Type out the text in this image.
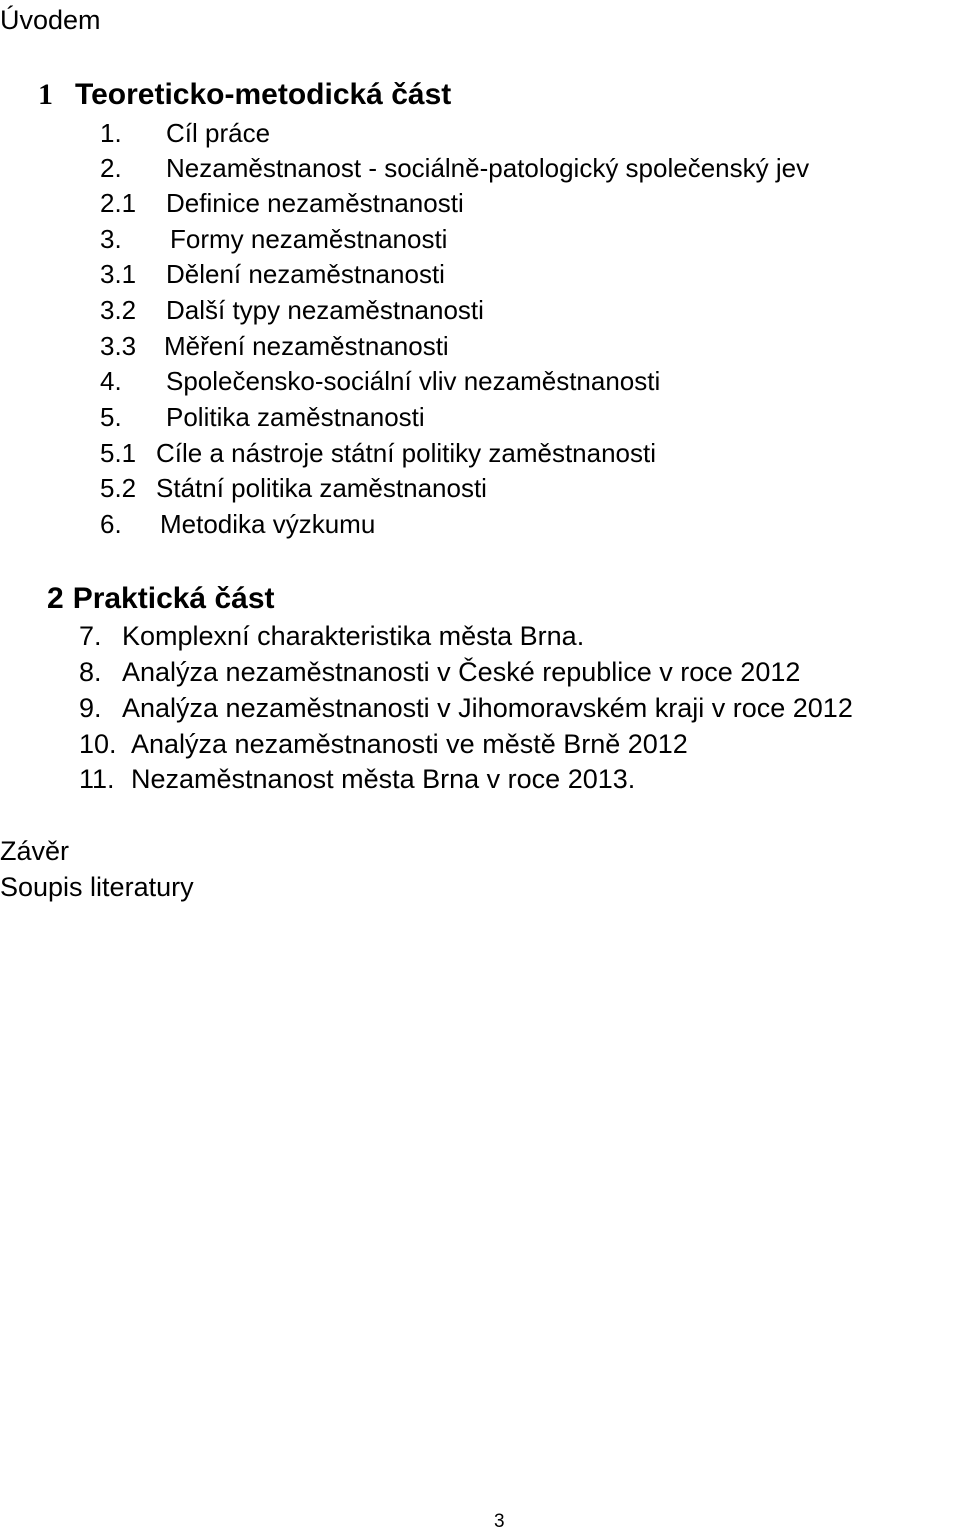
Úvodem
1 Teoreticko-metodická část
1. Cíl práce
2. Nezaměstnanost - sociálně-patologický společenský jev
2.1 Definice nezaměstnanosti
3. Formy nezaměstnanosti
3.1 Dělení nezaměstnanosti
3.2 Další typy nezaměstnanosti
3.3 Měření nezaměstnanosti
4. Společensko-sociální vliv nezaměstnanosti
5. Politika zaměstnanosti
5.1 Cíle a nástroje státní politiky zaměstnanosti
5.2 Státní politika zaměstnanosti
6. Metodika výzkumu
2 Praktická část
7. Komplexní charakteristika města Brna.
8. Analýza nezaměstnanosti v České republice v roce 2012
9. Analýza nezaměstnanosti v Jihomoravském kraji v roce 2012
10. Analýza nezaměstnanosti ve městě Brně 2012
11. Nezaměstnanost města Brna v roce 2013.
Závěr
Soupis literatury
3
